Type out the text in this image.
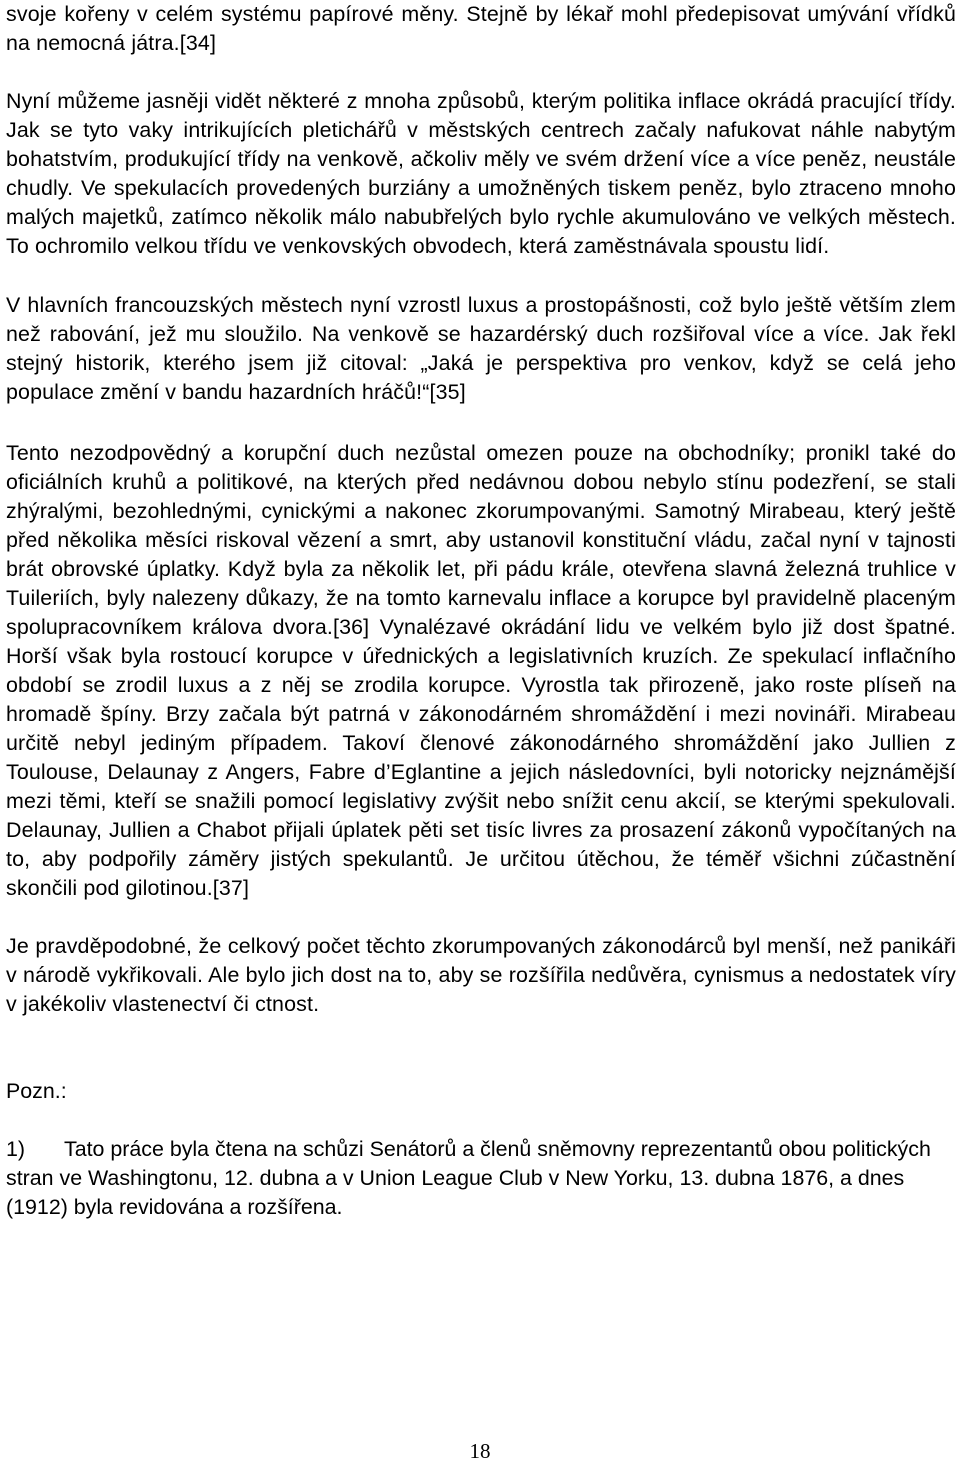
svoje kořeny v celém systému papírové měny. Stejně by lékař mohl předepisovat umývání vřídků na nemocná játra.[34]

Nyní můžeme jasněji vidět některé z mnoha způsobů, kterým politika inflace okrádá pracující třídy. Jak se tyto vaky intrikujících pletichářů v městských centrech začaly nafukovat náhle nabytým bohatstvím, produkující třídy na venkově, ačkoliv měly ve svém držení více a více peněz, neustále chudly. Ve spekulacích provedených burziány a umožněných tiskem peněz, bylo ztraceno mnoho malých majetků, zatímco několik málo nabubřelých bylo rychle akumulováno ve velkých městech. To ochromilo velkou třídu ve venkovských obvodech, která zaměstnávala spoustu lidí.

V hlavních francouzských městech nyní vzrostl luxus a prostopášnosti, což bylo ještě větším zlem než rabování, jež mu sloužilo. Na venkově se hazardérský duch rozšiřoval více a více. Jak řekl stejný historik, kterého jsem již citoval: „Jaká je perspektiva pro venkov, když se celá jeho populace změní v bandu hazardních hráčů!“[35]

Tento nezodpovědný a korupční duch nezůstal omezen pouze na obchodníky; pronikl také do oficiálních kruhů a politikové, na kterých před nedávnou dobou nebylo stínu podezření, se stali zhýralými, bezohlednými, cynickými a nakonec zkorumpovanými. Samotný Mirabeau, který ještě před několika měsíci riskoval vězení a smrt, aby ustanovil konstituční vládu, začal nyní v tajnosti brát obrovské úplatky. Když byla za několik let, při pádu krále, otevřena slavná železná truhlice v Tuileriích, byly nalezeny důkazy, že na tomto karnevalu inflace a korupce byl pravidelně placeným spolupracovníkem králova dvora.[36] Vynalézavé okrádání lidu ve velkém bylo již dost špatné. Horší však byla rostoucí korupce v úřednických a legislativních kruzích. Ze spekulací inflačního období se zrodil luxus a z něj se zrodila korupce. Vyrostla tak přirozeně, jako roste plíseň na hromadě špíny. Brzy začala být patrná v zákonodárném shromáždění i mezi novináři. Mirabeau určitě nebyl jediným případem. Takoví členové zákonodárného shromáždění jako Jullien z Toulouse, Delaunay z Angers, Fabre d’Eglantine a jejich následovníci, byli notoricky nejznámější mezi těmi, kteří se snažili pomocí legislativy zvýšit nebo snížit cenu akcií, se kterými spekulovali. Delaunay, Jullien a Chabot přijali úplatek pěti set tisíc livres za prosazení zákonů vypočítaných na to, aby podpořily záměry jistých spekulantů. Je určitou útěchou, že téměř všichni zúčastnění skončili pod gilotinou.[37]

Je pravděpodobné, že celkový počet těchto zkorumpovaných zákonodárců byl menší, než panikáři v národě vykřikovali. Ale bylo jich dost na to, aby se rozšířila nedůvěra, cynismus a nedostatek víry v jakékoliv vlastenectví či ctnost.

Pozn.:
1) Tato práce byla čtena na schůzi Senátorů a členů sněmovny reprezentantů obou politických stran ve Washingtonu, 12. dubna a v Union League Club v New Yorku, 13. dubna 1876, a dnes (1912) byla revidována a rozšířena.
18
